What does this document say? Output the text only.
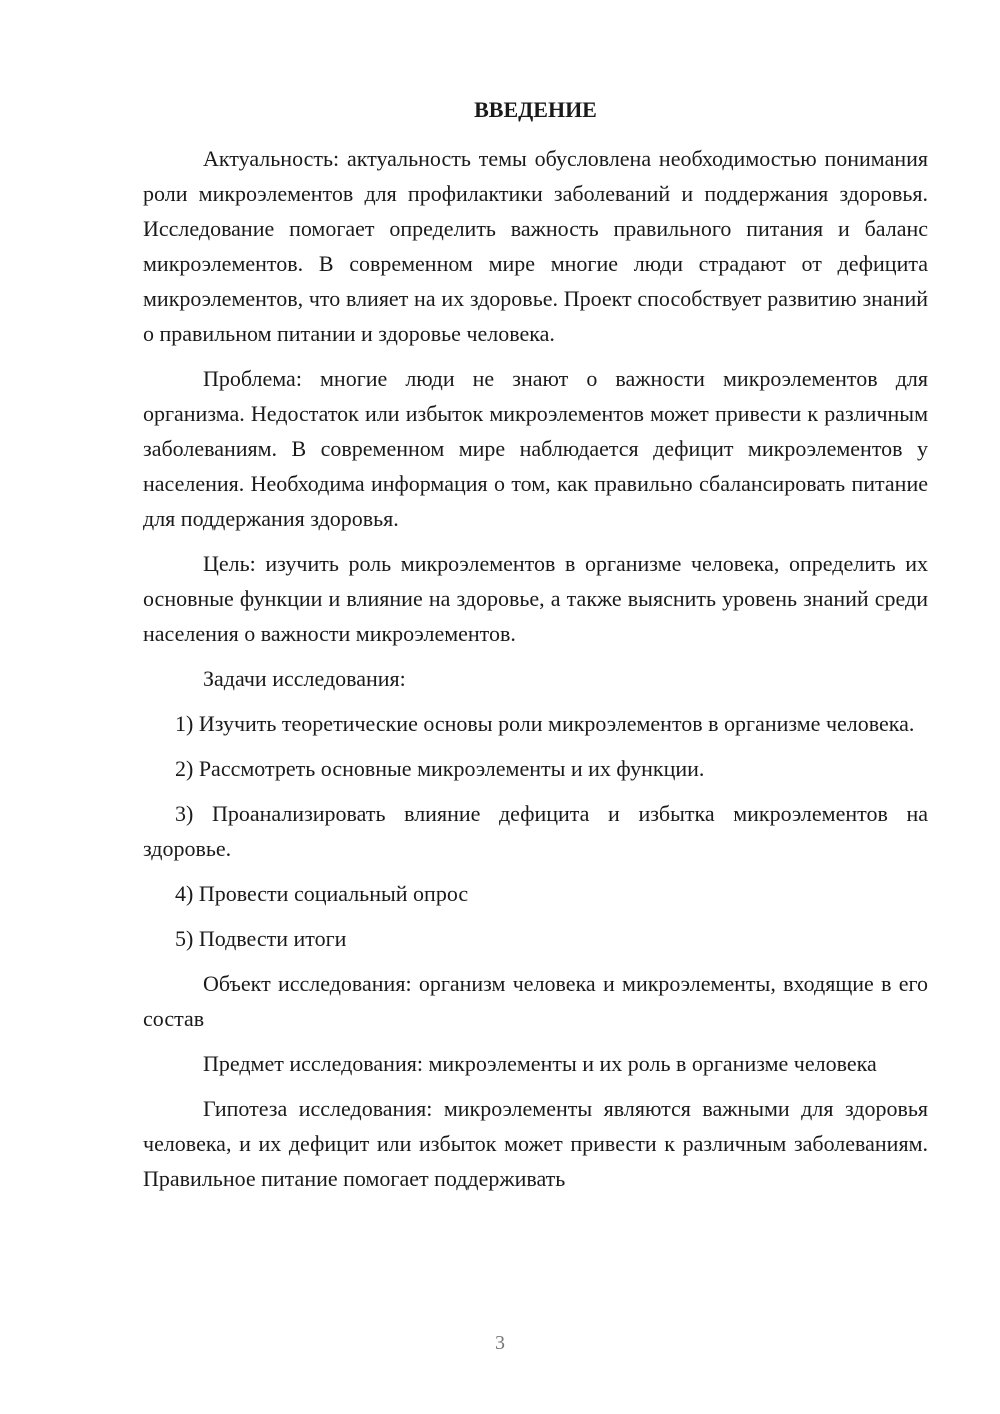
ВВЕДЕНИЕ

Актуальность: актуальность темы обусловлена необходимостью понимания роли микроэлементов для профилактики заболеваний и поддержания здоровья. Исследование помогает определить важность правильного питания и баланс микроэлементов. В современном мире многие люди страдают от дефицита микроэлементов, что влияет на их здоровье. Проект способствует развитию знаний о правильном питании и здоровье человека.

Проблема: многие люди не знают о важности микроэлементов для организма. Недостаток или избыток микроэлементов может привести к различным заболеваниям. В современном мире наблюдается дефицит микроэлементов у населения. Необходима информация о том, как правильно сбалансировать питание для поддержания здоровья.

Цель: изучить роль микроэлементов в организме человека, определить их основные функции и влияние на здоровье, а также выяснить уровень знаний среди населения о важности микроэлементов.

Задачи исследования:

1) Изучить теоретические основы роли микроэлементов в организме человека.

2) Рассмотреть основные микроэлементы и их функции.

3) Проанализировать влияние дефицита и избытка микроэлементов на здоровье.

4) Провести социальный опрос

5) Подвести итоги

Объект исследования: организм человека и микроэлементы, входящие в его состав

Предмет исследования: микроэлементы и их роль в организме человека

Гипотеза исследования: микроэлементы являются важными для здоровья человека, и их дефицит или избыток может привести к различным заболеваниям. Правильное питание помогает поддерживать

3
